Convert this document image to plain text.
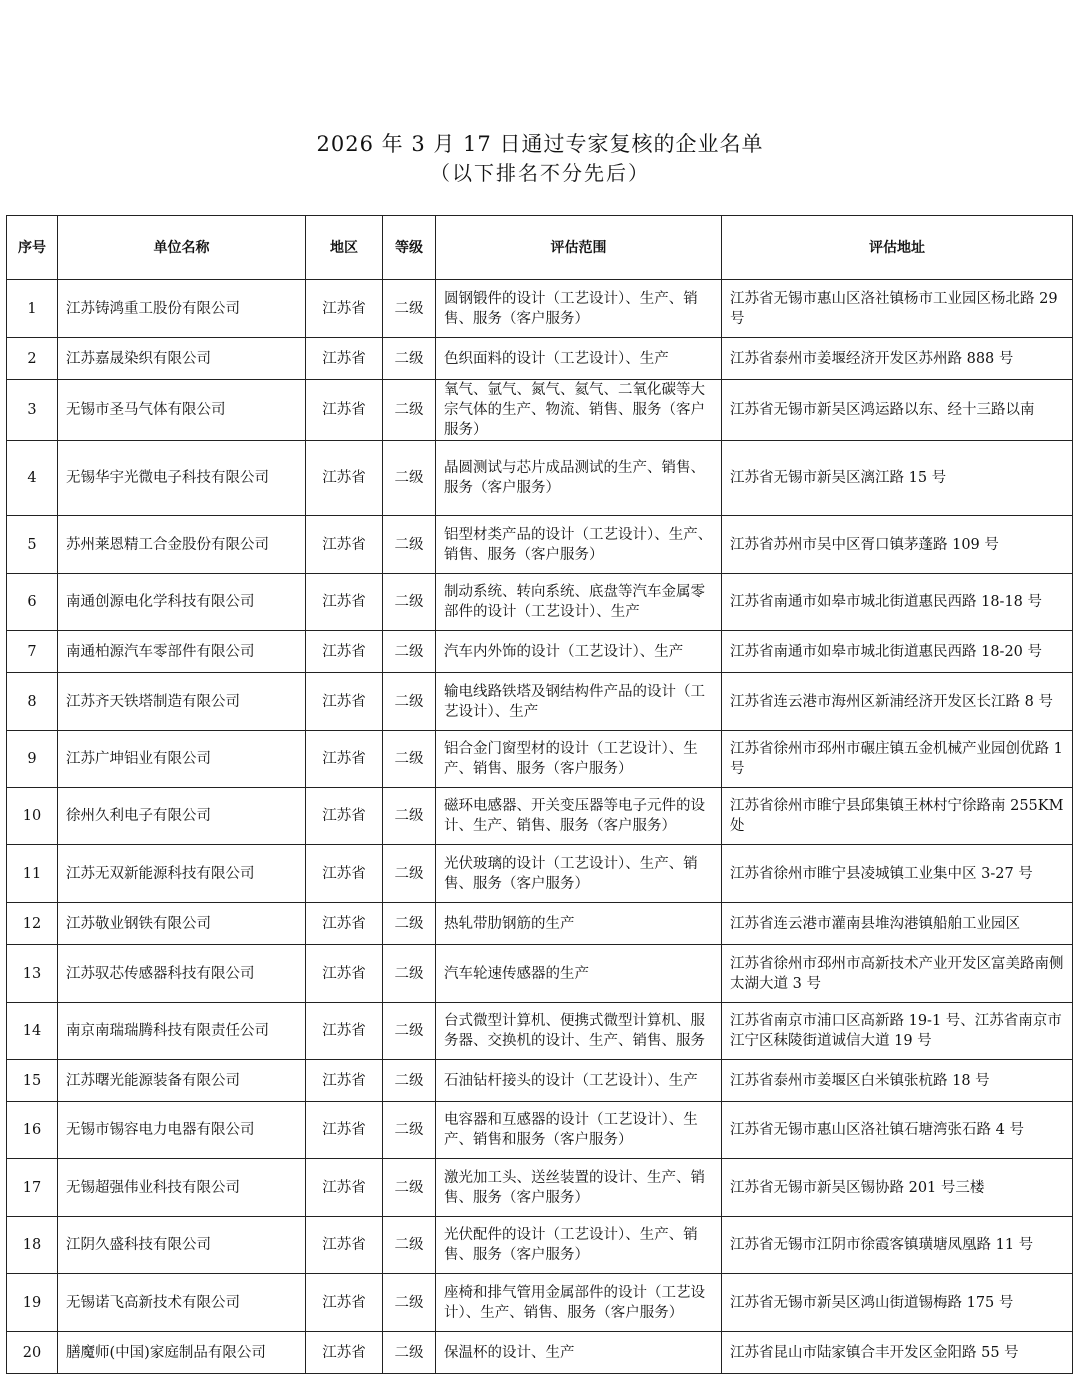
2026 年 3 月 17 日通过专家复核的企业名单
（以下排名不分先后）
序号	单位名称	地区	等级	评估范围	评估地址
1	江苏铸鸿重工股份有限公司	江苏省	二级	圆钢锻件的设计（工艺设计）、生产、销售、服务（客户服务）	江苏省无锡市惠山区洛社镇杨市工业园区杨北路 29 号
2	江苏嘉晟染织有限公司	江苏省	二级	色织面料的设计（工艺设计）、生产	江苏省泰州市姜堰经济开发区苏州路 888 号
3	无锡市圣马气体有限公司	江苏省	二级	氧气、氩气、氮气、氦气、二氧化碳等大宗气体的生产、物流、销售、服务（客户服务）	江苏省无锡市新吴区鸿运路以东、经十三路以南
4	无锡华宇光微电子科技有限公司	江苏省	二级	晶圆测试与芯片成品测试的生产、销售、服务（客户服务）	江苏省无锡市新吴区漓江路 15 号
5	苏州莱恩精工合金股份有限公司	江苏省	二级	铝型材类产品的设计（工艺设计）、生产、销售、服务（客户服务）	江苏省苏州市吴中区胥口镇茅蓬路 109 号
6	南通创源电化学科技有限公司	江苏省	二级	制动系统、转向系统、底盘等汽车金属零部件的设计（工艺设计）、生产	江苏省南通市如皋市城北街道惠民西路 18-18 号
7	南通柏源汽车零部件有限公司	江苏省	二级	汽车内外饰的设计（工艺设计）、生产	江苏省南通市如皋市城北街道惠民西路 18-20 号
8	江苏齐天铁塔制造有限公司	江苏省	二级	输电线路铁塔及钢结构件产品的设计（工艺设计）、生产	江苏省连云港市海州区新浦经济开发区长江路 8 号
9	江苏广坤铝业有限公司	江苏省	二级	铝合金门窗型材的设计（工艺设计）、生产、销售、服务（客户服务）	江苏省徐州市邳州市碾庄镇五金机械产业园创优路 1 号
10	徐州久利电子有限公司	江苏省	二级	磁环电感器、开关变压器等电子元件的设计、生产、销售、服务（客户服务）	江苏省徐州市睢宁县邱集镇王林村宁徐路南 255KM 处
11	江苏无双新能源科技有限公司	江苏省	二级	光伏玻璃的设计（工艺设计）、生产、销售、服务（客户服务）	江苏省徐州市睢宁县凌城镇工业集中区 3-27 号
12	江苏敬业钢铁有限公司	江苏省	二级	热轧带肋钢筋的生产	江苏省连云港市灌南县堆沟港镇船舶工业园区
13	江苏驭芯传感器科技有限公司	江苏省	二级	汽车轮速传感器的生产	江苏省徐州市邳州市高新技术产业开发区富美路南侧太湖大道 3 号
14	南京南瑞瑞腾科技有限责任公司	江苏省	二级	台式微型计算机、便携式微型计算机、服务器、交换机的设计、生产、销售、服务	江苏省南京市浦口区高新路 19-1 号、江苏省南京市江宁区秣陵街道诚信大道 19 号
15	江苏曙光能源装备有限公司	江苏省	二级	石油钻杆接头的设计（工艺设计）、生产	江苏省泰州市姜堰区白米镇张杭路 18 号
16	无锡市锡容电力电器有限公司	江苏省	二级	电容器和互感器的设计（工艺设计）、生产、销售和服务（客户服务）	江苏省无锡市惠山区洛社镇石塘湾张石路 4 号
17	无锡超强伟业科技有限公司	江苏省	二级	激光加工头、送丝装置的设计、生产、销售、服务（客户服务）	江苏省无锡市新吴区锡协路 201 号三楼
18	江阴久盛科技有限公司	江苏省	二级	光伏配件的设计（工艺设计）、生产、销售、服务（客户服务）	江苏省无锡市江阴市徐霞客镇璜塘凤凰路 11 号
19	无锡诺飞高新技术有限公司	江苏省	二级	座椅和排气管用金属部件的设计（工艺设计）、生产、销售、服务（客户服务）	江苏省无锡市新吴区鸿山街道锡梅路 175 号
20	膳魔师(中国)家庭制品有限公司	江苏省	二级	保温杯的设计、生产	江苏省昆山市陆家镇合丰开发区金阳路 55 号
